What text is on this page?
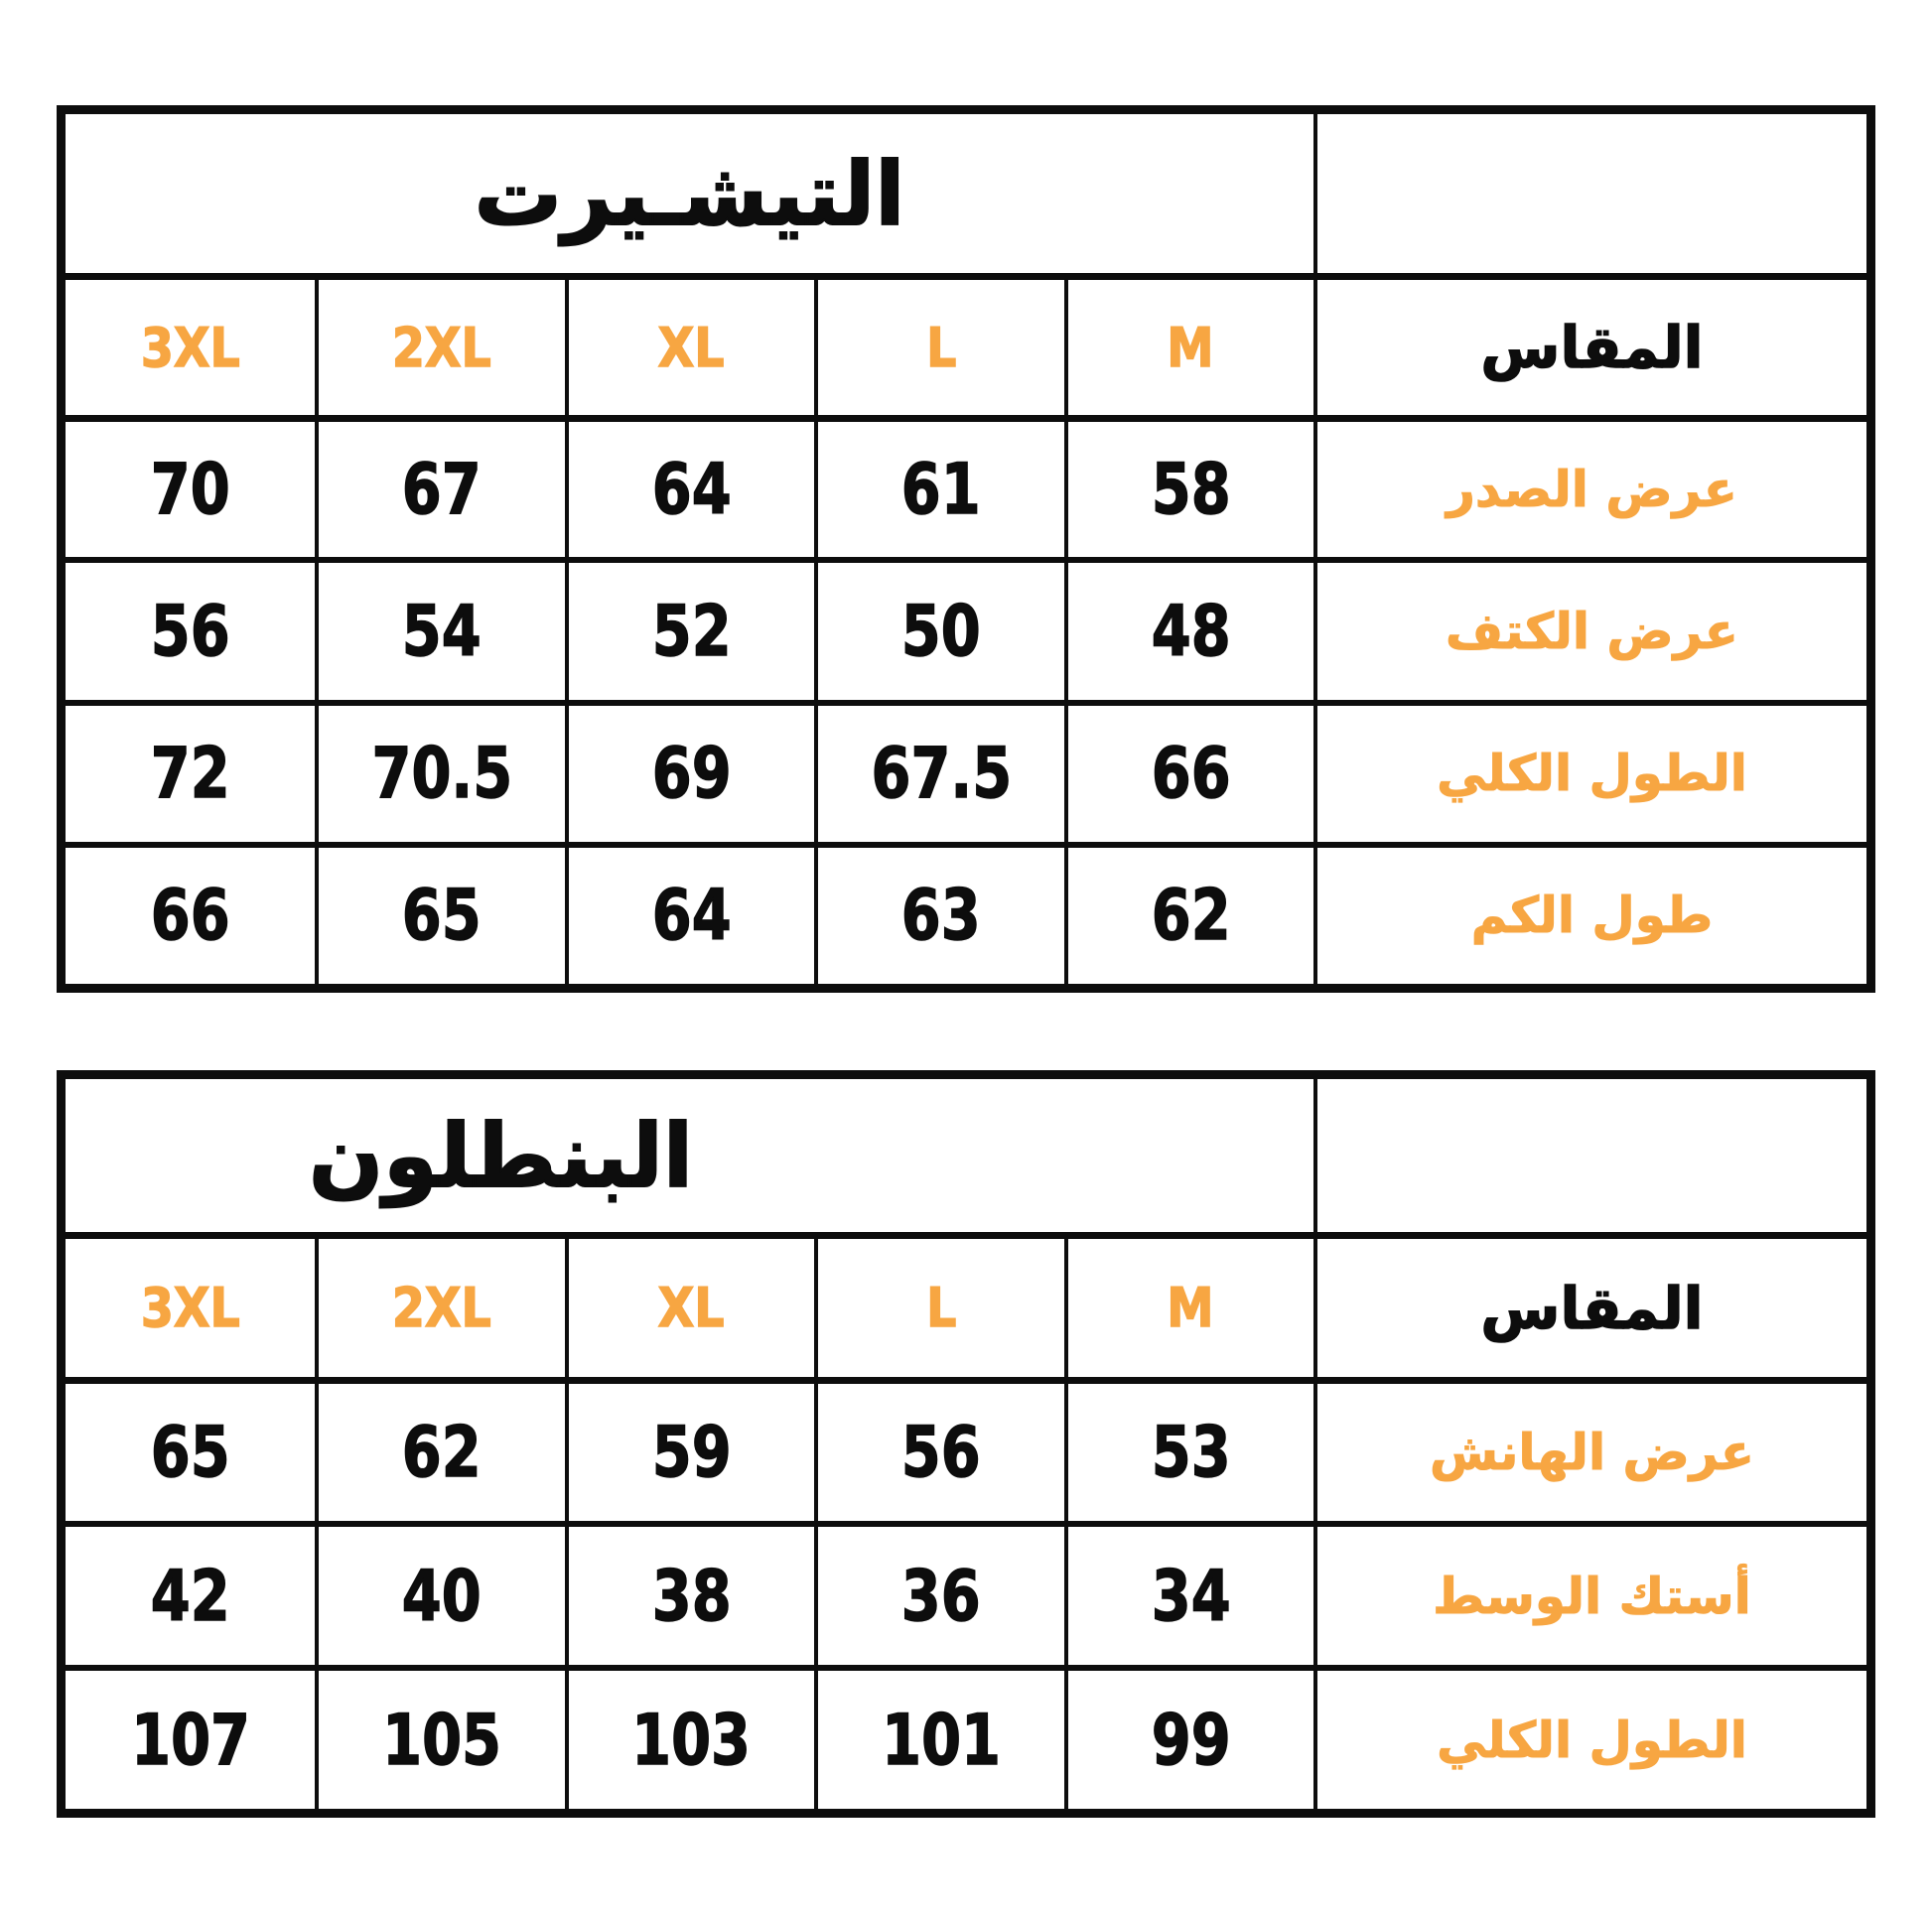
التيشـيرت
3XL	2XL	XL	L	M	المقاس
70 67 64 61 58	عرض الصدر
56 54 52 50 48	عرض الكتف
72 70.5 69 67.5 66	الطول الكلي
66 65 64 63 62	طول الكم
البنطلون
3XL	2XL	XL	L	M	المقاس
65 62 59 56 53	عرض الهانش
42 40 38 36 34	أستك الوسط
107 105 103 101 99	الطول الكلي
